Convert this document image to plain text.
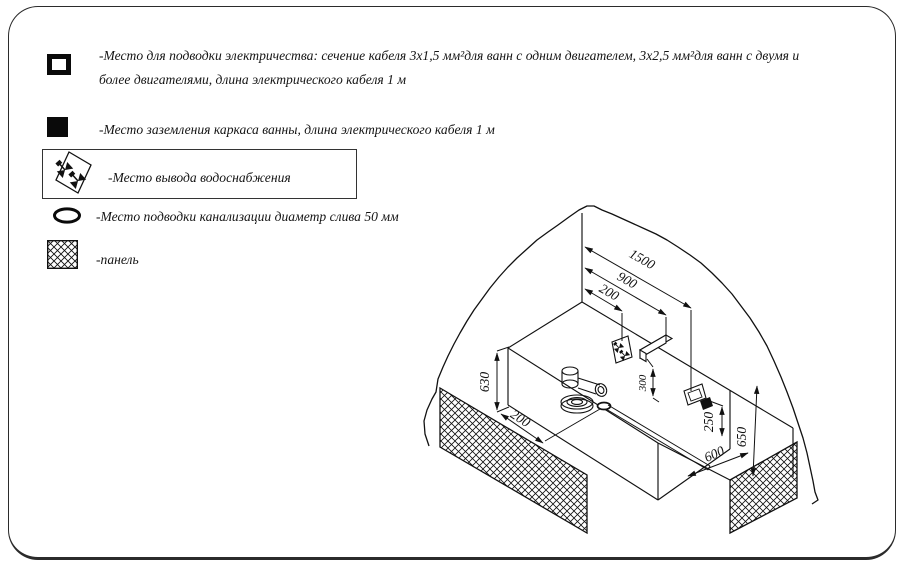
-Место для подводки электричества: сечение кабеля 3х1,5 мм²для ванн с одним двигателем, 3х2,5 мм²для ванн с двумя и
более двигателями, длина электрического кабеля 1 м
-Место заземления каркаса ванны, длина электрического кабеля 1 м
-Место вывода водоснабжения
-Место подводки канализации диаметр слива 50 мм
-панель	1500
900
200
630
200
300
250
650
600
